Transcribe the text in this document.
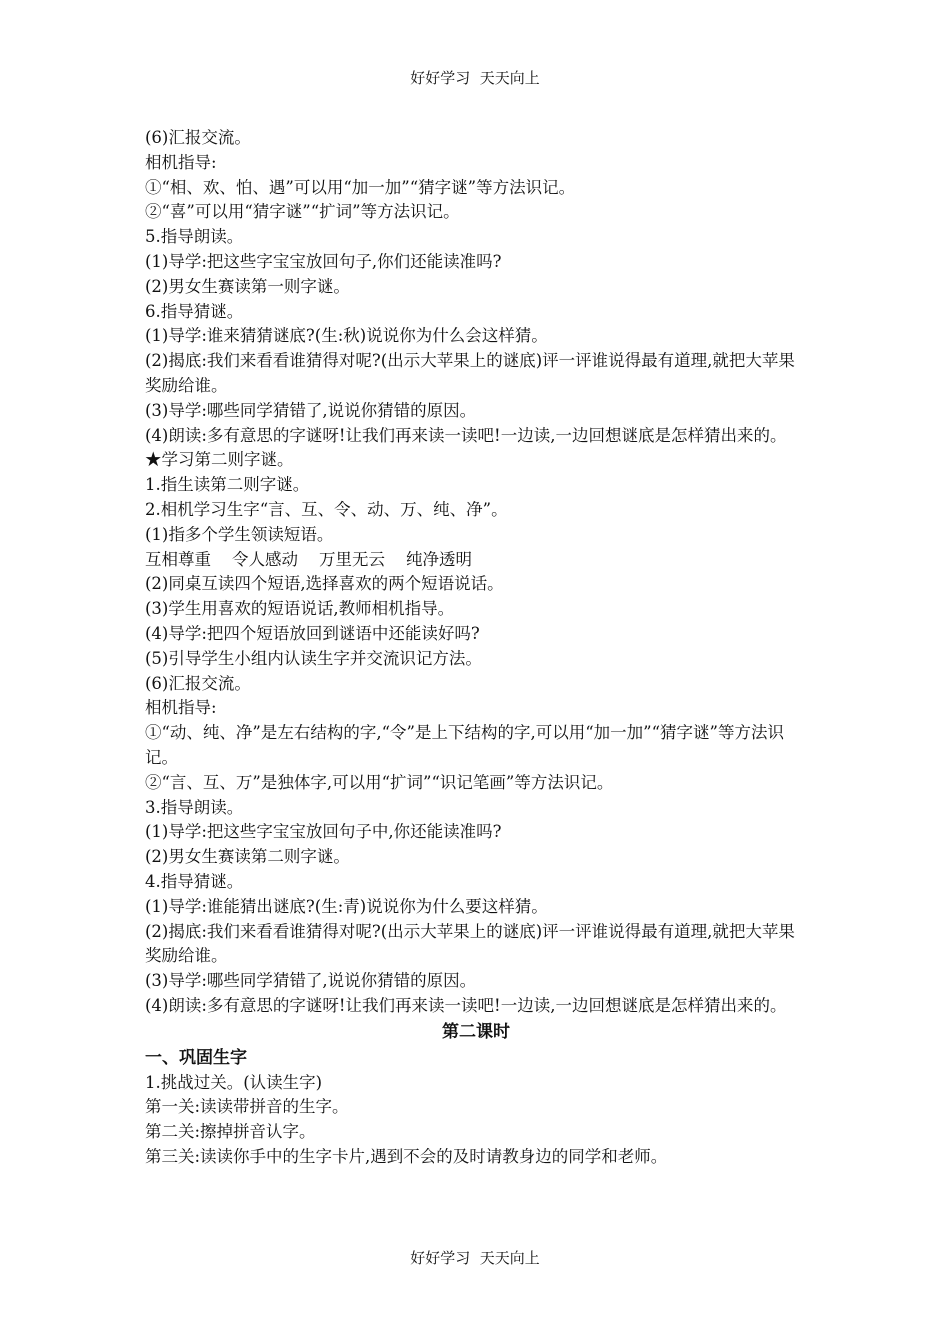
好好学习  天天向上

(6)汇报交流。

相机指导:

①“相、欢、怕、遇”可以用“加一加”“猜字谜”等方法识记。

②“喜”可以用“猜字谜”“扩词”等方法识记。

5.指导朗读。

(1)导学:把这些字宝宝放回句子,你们还能读准吗?

(2)男女生赛读第一则字谜。

6.指导猜谜。

(1)导学:谁来猜猜谜底?(生:秋)说说你为什么会这样猜。

(2)揭底:我们来看看谁猜得对呢?(出示大苹果上的谜底)评一评谁说得最有道理,就把大苹果奖励给谁。

(3)导学:哪些同学猜错了,说说你猜错的原因。

(4)朗读:多有意思的字谜呀!让我们再来读一读吧!一边读,一边回想谜底是怎样猜出来的。

★学习第二则字谜。

1.指生读第二则字谜。

2.相机学习生字“言、互、令、动、万、纯、净”。

(1)指多个学生领读短语。

互相尊重    令人感动    万里无云    纯净透明

(2)同桌互读四个短语,选择喜欢的两个短语说话。

(3)学生用喜欢的短语说话,教师相机指导。

(4)导学:把四个短语放回到谜语中还能读好吗?

(5)引导学生小组内认读生字并交流识记方法。

(6)汇报交流。

相机指导:

①“动、纯、净”是左右结构的字,“令”是上下结构的字,可以用“加一加”“猜字谜”等方法识记。

②“言、互、万”是独体字,可以用“扩词”“识记笔画”等方法识记。

3.指导朗读。

(1)导学:把这些字宝宝放回句子中,你还能读准吗?

(2)男女生赛读第二则字谜。

4.指导猜谜。

(1)导学:谁能猜出谜底?(生:青)说说你为什么要这样猜。

(2)揭底:我们来看看谁猜得对呢?(出示大苹果上的谜底)评一评谁说得最有道理,就把大苹果奖励给谁。

(3)导学:哪些同学猜错了,说说你猜错的原因。

(4)朗读:多有意思的字谜呀!让我们再来读一读吧!一边读,一边回想谜底是怎样猜出来的。

第二课时

一、巩固生字

1.挑战过关。(认读生字)

第一关:读读带拼音的生字。

第二关:擦掉拼音认字。

第三关:读读你手中的生字卡片,遇到不会的及时请教身边的同学和老师。

好好学习  天天向上
